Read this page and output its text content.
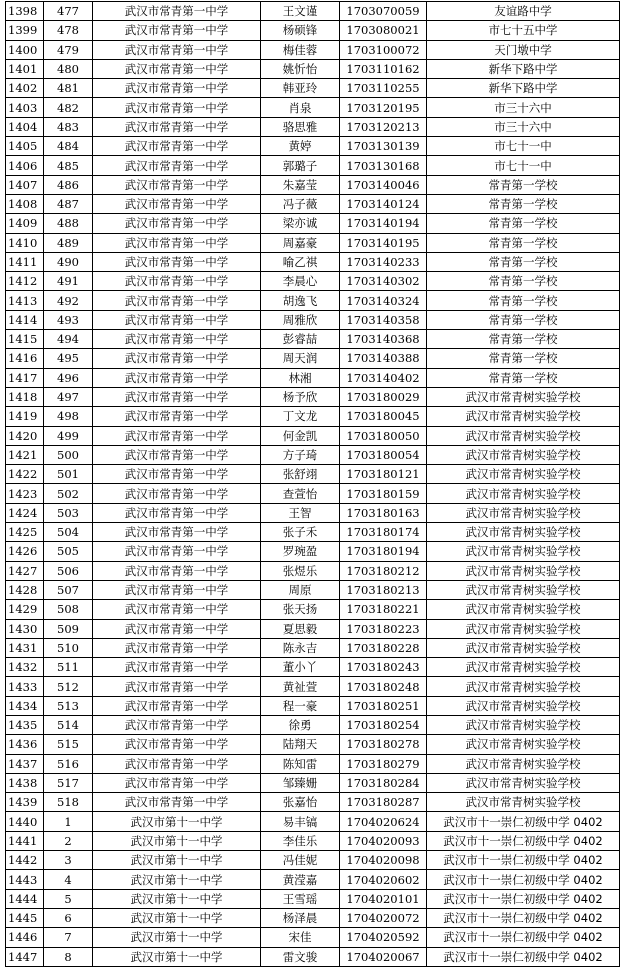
1398	477	武汉市常青第一中学	王文谨	1703070059	友谊路中学
1399	478	武汉市常青第一中学	杨硕锋	1703080021	市七十五中学
1400	479	武汉市常青第一中学	梅佳蓉	1703100072	天门墩中学
1401	480	武汉市常青第一中学	姚忻怡	1703110162	新华下路中学
1402	481	武汉市常青第一中学	韩亚玲	1703110255	新华下路中学
1403	482	武汉市常青第一中学	肖泉	1703120195	市三十六中
1404	483	武汉市常青第一中学	骆思雅	1703120213	市三十六中
1405	484	武汉市常青第一中学	黄婷	1703130139	市七十一中
1406	485	武汉市常青第一中学	郭璐子	1703130168	市七十一中
1407	486	武汉市常青第一中学	朱嘉莹	1703140046	常青第一学校
1408	487	武汉市常青第一中学	冯子薇	1703140124	常青第一学校
1409	488	武汉市常青第一中学	梁亦诚	1703140194	常青第一学校
1410	489	武汉市常青第一中学	周嘉豪	1703140195	常青第一学校
1411	490	武汉市常青第一中学	喻乙祺	1703140233	常青第一学校
1412	491	武汉市常青第一中学	李晨心	1703140302	常青第一学校
1413	492	武汉市常青第一中学	胡逸飞	1703140324	常青第一学校
1414	493	武汉市常青第一中学	周雅欣	1703140358	常青第一学校
1415	494	武汉市常青第一中学	彭睿喆	1703140368	常青第一学校
1416	495	武汉市常青第一中学	周天润	1703140388	常青第一学校
1417	496	武汉市常青第一中学	林湘	1703140402	常青第一学校
1418	497	武汉市常青第一中学	杨予欣	1703180029	武汉市常青树实验学校
1419	498	武汉市常青第一中学	丁文龙	1703180045	武汉市常青树实验学校
1420	499	武汉市常青第一中学	何金凯	1703180050	武汉市常青树实验学校
1421	500	武汉市常青第一中学	方子琦	1703180054	武汉市常青树实验学校
1422	501	武汉市常青第一中学	张舒翊	1703180121	武汉市常青树实验学校
1423	502	武汉市常青第一中学	查萱怡	1703180159	武汉市常青树实验学校
1424	503	武汉市常青第一中学	王智	1703180163	武汉市常青树实验学校
1425	504	武汉市常青第一中学	张子禾	1703180174	武汉市常青树实验学校
1426	505	武汉市常青第一中学	罗琬盈	1703180194	武汉市常青树实验学校
1427	506	武汉市常青第一中学	张煜乐	1703180212	武汉市常青树实验学校
1428	507	武汉市常青第一中学	周原	1703180213	武汉市常青树实验学校
1429	508	武汉市常青第一中学	张天扬	1703180221	武汉市常青树实验学校
1430	509	武汉市常青第一中学	夏思毅	1703180223	武汉市常青树实验学校
1431	510	武汉市常青第一中学	陈永吉	1703180228	武汉市常青树实验学校
1432	511	武汉市常青第一中学	董小丫	1703180243	武汉市常青树实验学校
1433	512	武汉市常青第一中学	黄祉萱	1703180248	武汉市常青树实验学校
1434	513	武汉市常青第一中学	程一豪	1703180251	武汉市常青树实验学校
1435	514	武汉市常青第一中学	徐勇	1703180254	武汉市常青树实验学校
1436	515	武汉市常青第一中学	陆翔天	1703180278	武汉市常青树实验学校
1437	516	武汉市常青第一中学	陈知雷	1703180279	武汉市常青树实验学校
1438	517	武汉市常青第一中学	邹臻姗	1703180284	武汉市常青树实验学校
1439	518	武汉市常青第一中学	张嘉怡	1703180287	武汉市常青树实验学校
1440	1	武汉市第十一中学	易丰镐	1704020624	武汉市十一崇仁初级中学 0402
1441	2	武汉市第十一中学	李佳乐	1704020093	武汉市十一崇仁初级中学 0402
1442	3	武汉市第十一中学	冯佳妮	1704020098	武汉市十一崇仁初级中学 0402
1443	4	武汉市第十一中学	黄滢嘉	1704020602	武汉市十一崇仁初级中学 0402
1444	5	武汉市第十一中学	王雪瑶	1704020101	武汉市十一崇仁初级中学 0402
1445	6	武汉市第十一中学	杨泽晨	1704020072	武汉市十一崇仁初级中学 0402
1446	7	武汉市第十一中学	宋佳	1704020592	武汉市十一崇仁初级中学 0402
1447	8	武汉市第十一中学	雷文骏	1704020067	武汉市十一崇仁初级中学 0402
